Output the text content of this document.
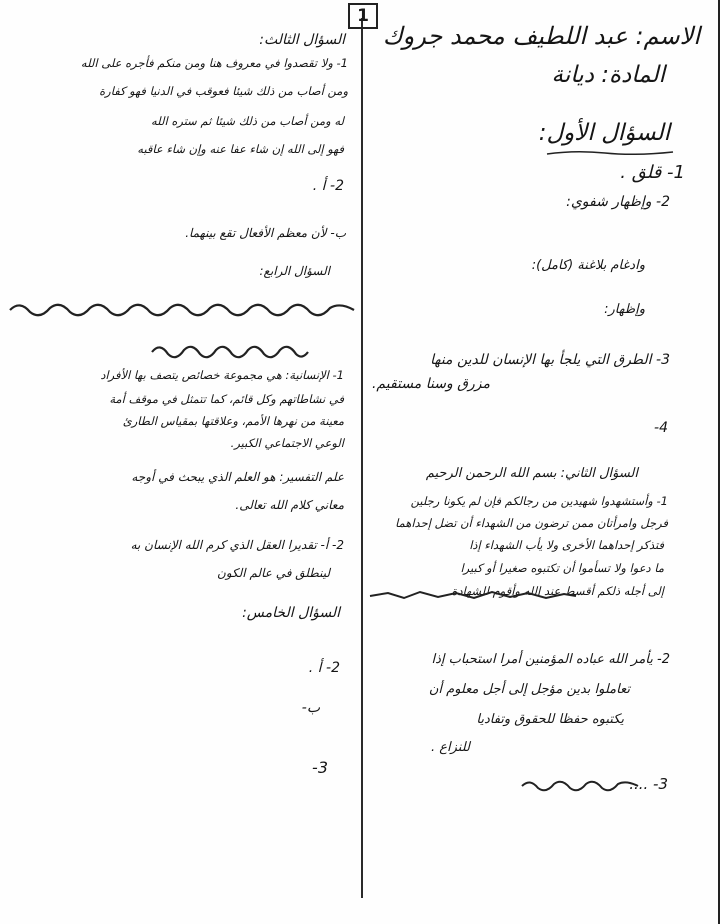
1
الاسم: عبد اللطيف محمد جروك
المادة: ديانة
السؤال الأول:
1- قلق .
2- وإظهار شفوي:
وادغام بلاغنة (كامل):
وإظهار:
3- الطرق التي يلجأ بها الإنسان للدين منها
مزرق وسنا مستقيم.
4-
السؤال الثاني: بسم الله الرحمن الرحيم
1- وأستشهدوا شهيدين من رجالكم فإن لم يكونا رجلين
فرجل وامرأتان ممن ترضون من الشهداء أن تضل إحداهما
فتذكر إحداهما الأخرى ولا يأب الشهداء إذا
ما دعوا ولا تسأموا أن تكتبوه صغيرا أو كبيرا
إلى أجله ذلكم أقسط عند الله وأقوم للشهادة
2- يأمر الله عباده المؤمنين أمرا استحباب إذا
تعاملوا بدين مؤجل إلى أجل معلوم أن
يكتبوه حفظا للحقوق وتفاديا
للنزاع .
3- ....
السؤال الثالث:
1- ولا تقصدوا في معروف هنا ومن منكم فأجره على الله
ومن أصاب من ذلك شيئا فعوقب في الدنيا فهو كفارة
له ومن أصاب من ذلك شيئا ثم ستره الله
فهو إلى الله إن شاء عفا عنه وإن شاء عاقبه
2- أ .
ب- لأن معظم الأفعال تقع بينهما.
السؤال الرابع:
1- الإنسانية: هي مجموعة خصائص يتصف بها الأفراد
في نشاطاتهم وكل قائم، كما تتمثل في موقف أمة
معينة من نهرها الأمم، وعلاقتها بمقياس الطارئ
الوعي الاجتماعي الكبير.
علم التفسير: هو العلم الذي يبحث في أوجه
معاني كلام الله تعالى.
2- أ- تقديرا العقل الذي كرم الله الإنسان به
لينطلق في عالم الكون
السؤال الخامس:
2- أ .
ب-
3-
